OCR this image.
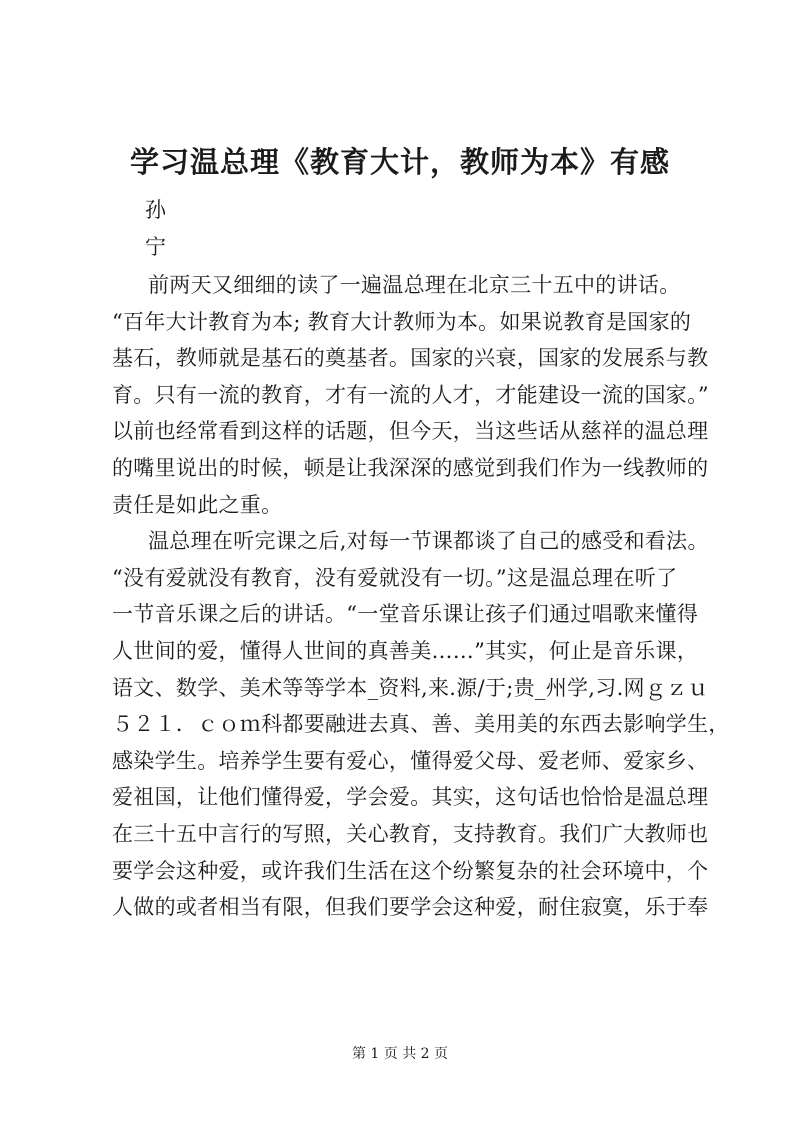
学习温总理《教育大计，教师为本》有感
孙
宁
前两天又细细的读了一遍温总理在北京三十五中的讲话。
“百年大计教育为本; 教育大计教师为本。如果说教育是国家的
基石，教师就是基石的奠基者。国家的兴衰，国家的发展系与教
育。只有一流的教育，才有一流的人才，才能建设一流的国家。”
以前也经常看到这样的话题，但今天，当这些话从慈祥的温总理
的嘴里说出的时候，顿是让我深深的感觉到我们作为一线教师的
责任是如此之重。
温总理在听完课之后,对每一节课都谈了自己的感受和看法。
“没有爱就没有教育，没有爱就没有一切。”这是温总理在听了
一节音乐课之后的讲话。“一堂音乐课让孩子们通过唱歌来懂得
人世间的爱，懂得人世间的真善美……”其实，何止是音乐课，
语文、数学、美术等等学本_资料,来.源/于;贵_州学,习.网ｇｚｕ
５２１．ｃｏｍ科都要融进去真、善、美用美的东西去影响学生，
感染学生。培养学生要有爱心，懂得爱父母、爱老师、爱家乡、
爱祖国，让他们懂得爱，学会爱。其实，这句话也恰恰是温总理
在三十五中言行的写照，关心教育，支持教育。我们广大教师也
要学会这种爱，或许我们生活在这个纷繁复杂的社会环境中，个
人做的或者相当有限，但我们要学会这种爱，耐住寂寞，乐于奉
第 1 页 共 2 页
